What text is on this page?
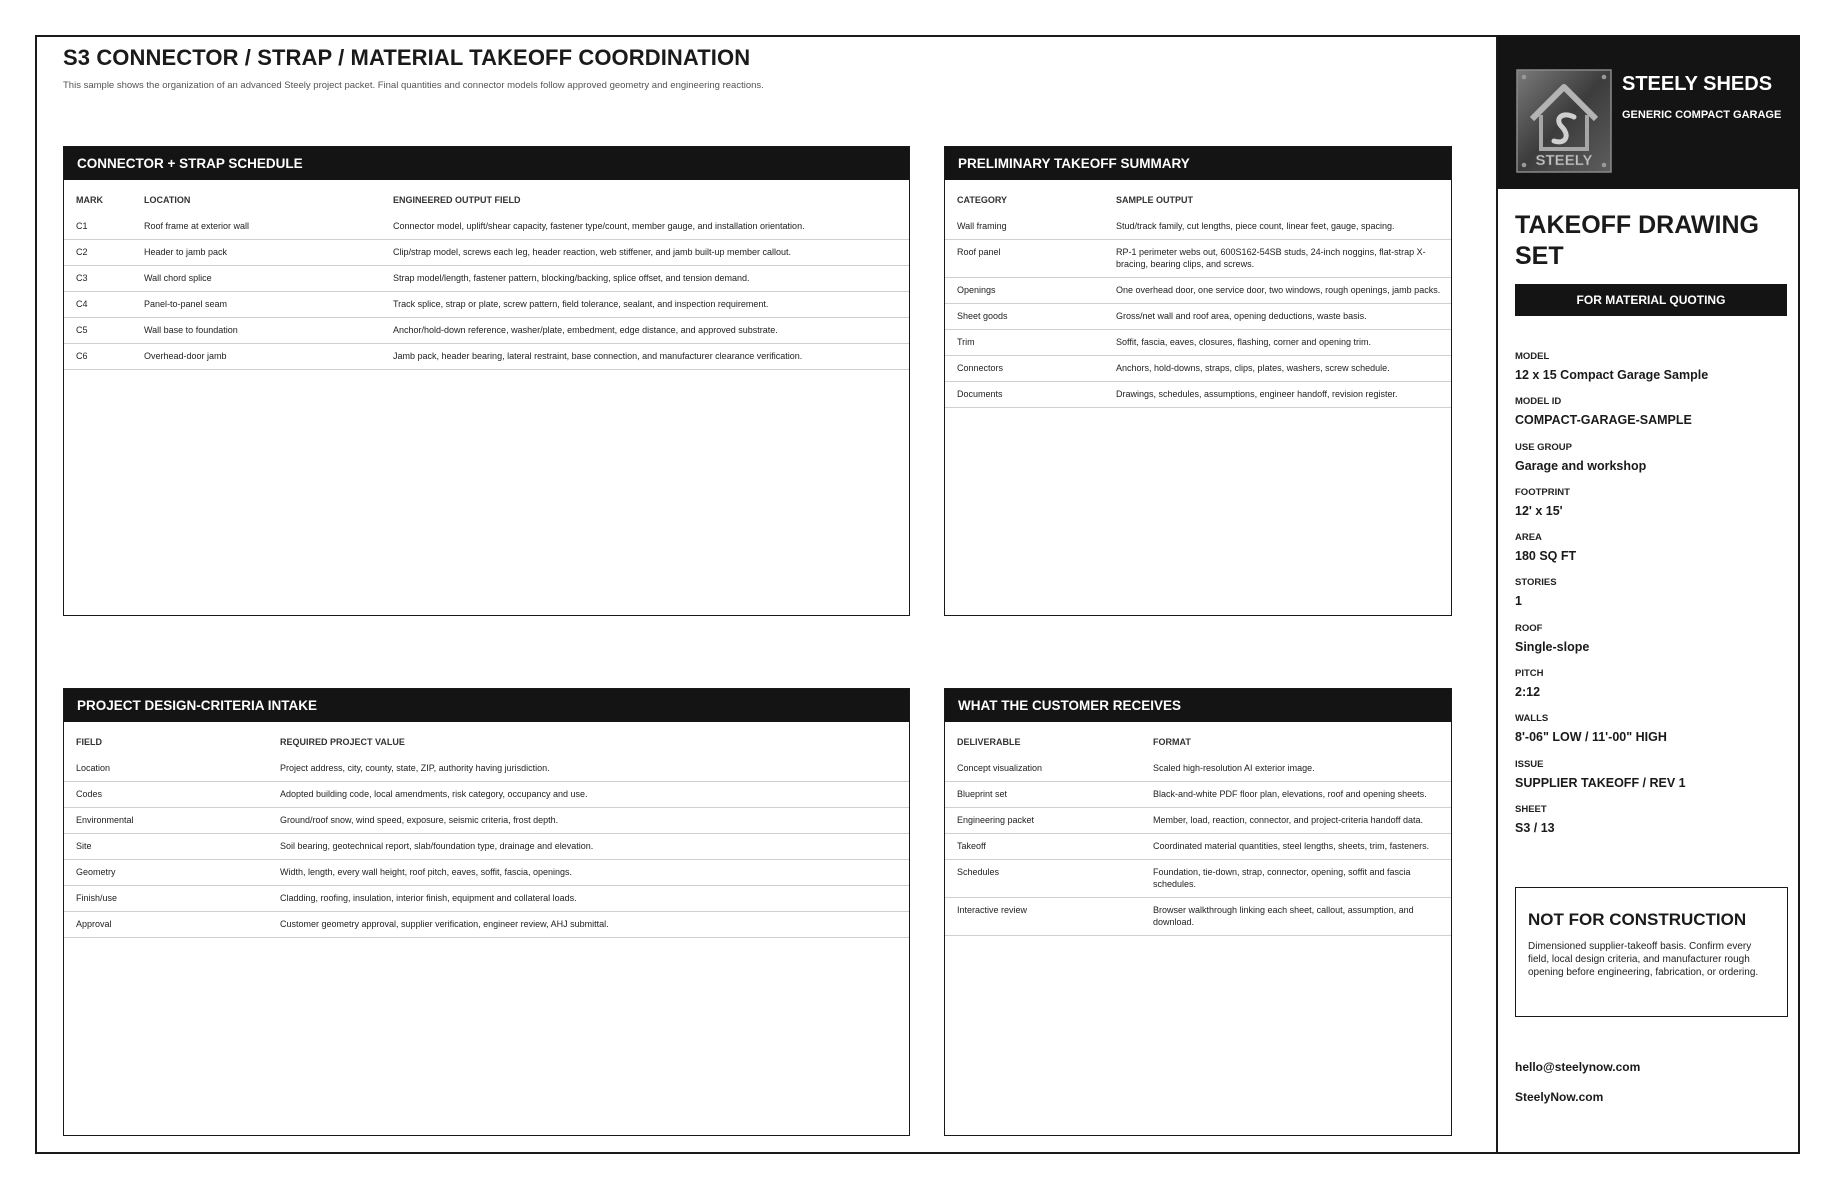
S3 CONNECTOR / STRAP / MATERIAL TAKEOFF COORDINATION
This sample shows the organization of an advanced Steely project packet. Final quantities and connector models follow approved geometry and engineering reactions.
CONNECTOR + STRAP SCHEDULE
MARK	LOCATION	ENGINEERED OUTPUT FIELD
C1	Roof frame at exterior wall	Connector model, uplift/shear capacity, fastener type/count, member gauge, and installation orientation.
C2	Header to jamb pack	Clip/strap model, screws each leg, header reaction, web stiffener, and jamb built-up member callout.
C3	Wall chord splice	Strap model/length, fastener pattern, blocking/backing, splice offset, and tension demand.
C4	Panel-to-panel seam	Track splice, strap or plate, screw pattern, field tolerance, sealant, and inspection requirement.
C5	Wall base to foundation	Anchor/hold-down reference, washer/plate, embedment, edge distance, and approved substrate.
C6	Overhead-door jamb	Jamb pack, header bearing, lateral restraint, base connection, and manufacturer clearance verification.
PRELIMINARY TAKEOFF SUMMARY
CATEGORY	SAMPLE OUTPUT
Wall framing	Stud/track family, cut lengths, piece count, linear feet, gauge, spacing.
Roof panel	RP-1 perimeter webs out, 600S162-54SB studs, 24-inch noggins, flat-strap X-bracing, bearing clips, and screws.
Openings	One overhead door, one service door, two windows, rough openings, jamb packs.
Sheet goods	Gross/net wall and roof area, opening deductions, waste basis.
Trim	Soffit, fascia, eaves, closures, flashing, corner and opening trim.
Connectors	Anchors, hold-downs, straps, clips, plates, washers, screw schedule.
Documents	Drawings, schedules, assumptions, engineer handoff, revision register.
PROJECT DESIGN-CRITERIA INTAKE
FIELD	REQUIRED PROJECT VALUE
Location	Project address, city, county, state, ZIP, authority having jurisdiction.
Codes	Adopted building code, local amendments, risk category, occupancy and use.
Environmental	Ground/roof snow, wind speed, exposure, seismic criteria, frost depth.
Site	Soil bearing, geotechnical report, slab/foundation type, drainage and elevation.
Geometry	Width, length, every wall height, roof pitch, eaves, soffit, fascia, openings.
Finish/use	Cladding, roofing, insulation, interior finish, equipment and collateral loads.
Approval	Customer geometry approval, supplier verification, engineer review, AHJ submittal.
WHAT THE CUSTOMER RECEIVES
DELIVERABLE	FORMAT
Concept visualization	Scaled high-resolution AI exterior image.
Blueprint set	Black-and-white PDF floor plan, elevations, roof and opening sheets.
Engineering packet	Member, load, reaction, connector, and project-criteria handoff data.
Takeoff	Coordinated material quantities, steel lengths, sheets, trim, fasteners.
Schedules	Foundation, tie-down, strap, connector, opening, soffit and fascia schedules.
Interactive review	Browser walkthrough linking each sheet, callout, assumption, and download.
STEELY
STEELY SHEDS
GENERIC COMPACT GARAGE
TAKEOFF DRAWING SET
FOR MATERIAL QUOTING
MODEL
12 x 15 Compact Garage Sample
MODEL ID
COMPACT-GARAGE-SAMPLE
USE GROUP
Garage and workshop
FOOTPRINT
12' x 15'
AREA
180 SQ FT
STORIES
1
ROOF
Single-slope
PITCH
2:12
WALLS
8'-06" LOW / 11'-00" HIGH
ISSUE
SUPPLIER TAKEOFF / REV 1
SHEET
S3 / 13
NOT FOR CONSTRUCTION
Dimensioned supplier-takeoff basis. Confirm every field, local design criteria, and manufacturer rough opening before engineering, fabrication, or ordering.
hello@steelynow.com
SteelyNow.com
